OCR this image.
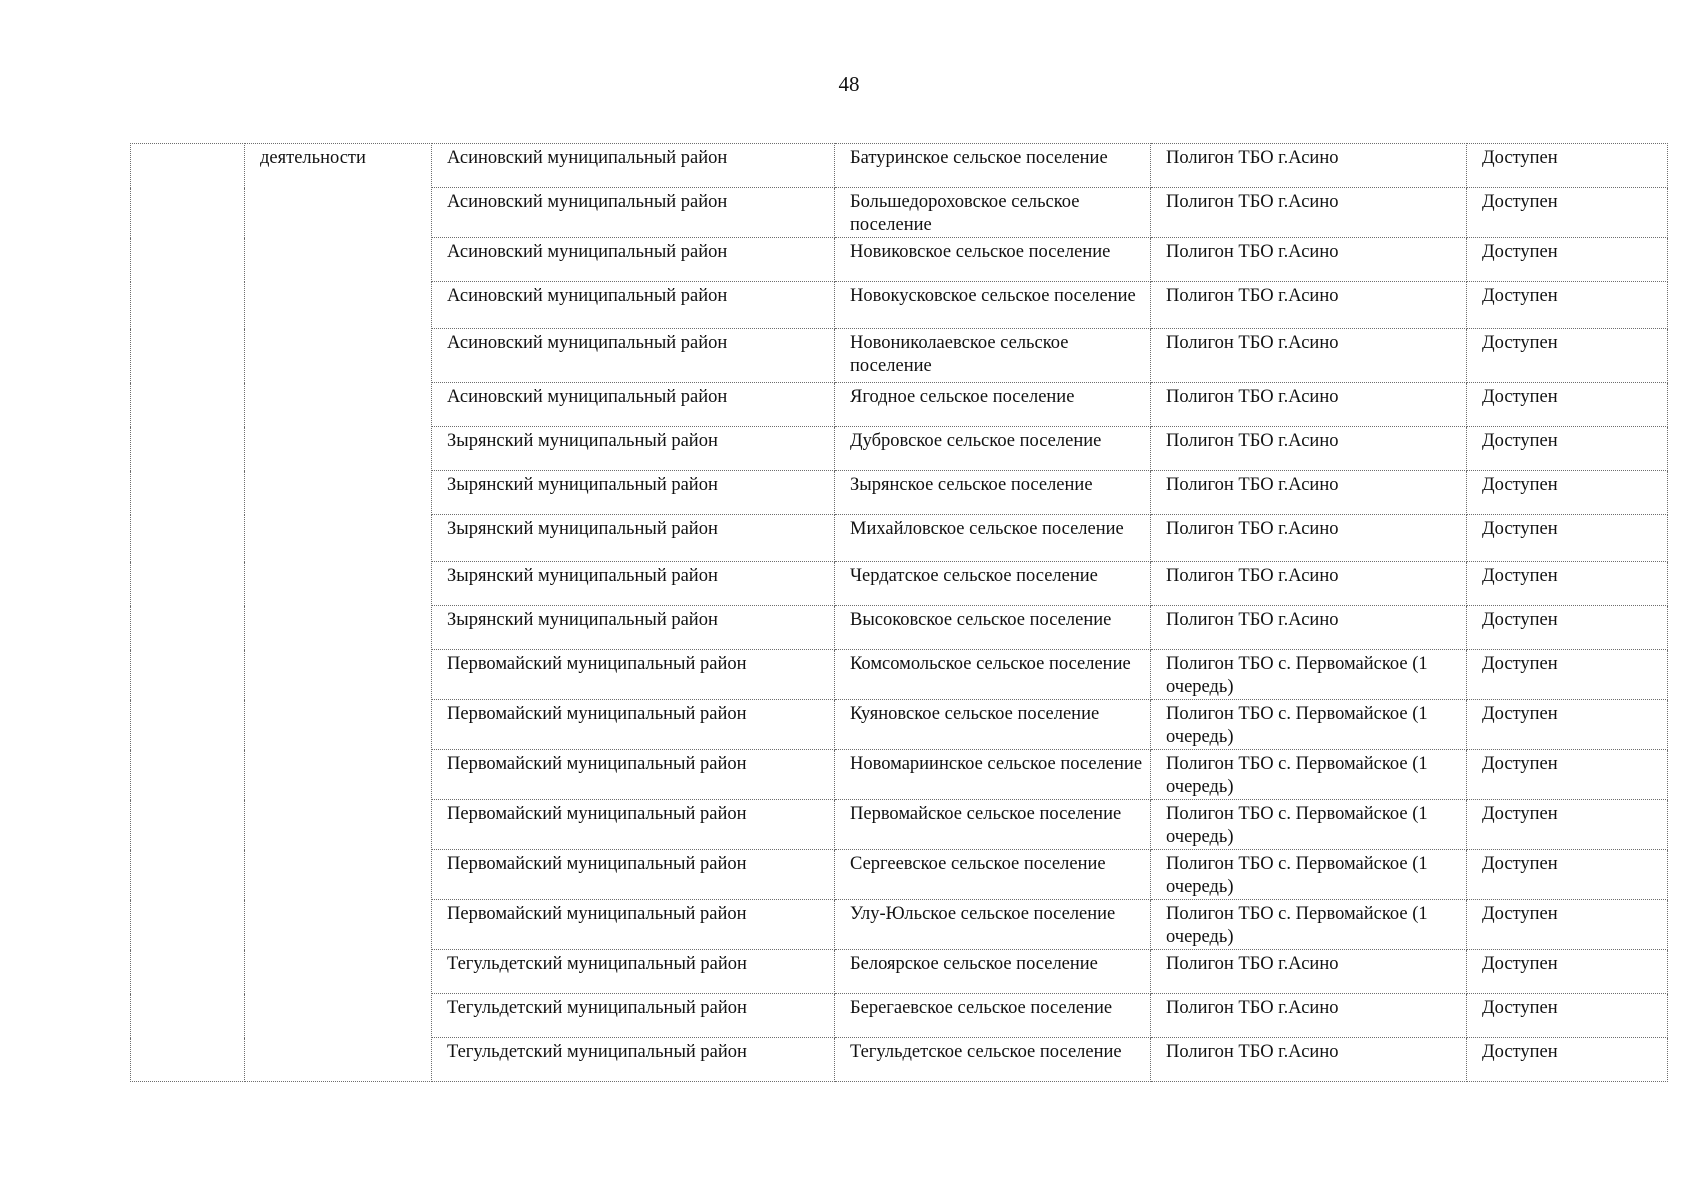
48
	деятельности	Асиновский муниципальный район	Батуринское сельское поселение	Полигон ТБО г.Асино	Доступен
		Асиновский муниципальный район	Большедороховское сельское поселение	Полигон ТБО г.Асино	Доступен
		Асиновский муниципальный район	Новиковское сельское поселение	Полигон ТБО г.Асино	Доступен
		Асиновский муниципальный район	Новокусковское сельское поселение	Полигон ТБО г.Асино	Доступен
		Асиновский муниципальный район	Новониколаевское сельское поселение	Полигон ТБО г.Асино	Доступен
		Асиновский муниципальный район	Ягодное сельское поселение	Полигон ТБО г.Асино	Доступен
		Зырянский муниципальный район	Дубровское сельское поселение	Полигон ТБО г.Асино	Доступен
		Зырянский муниципальный район	Зырянское сельское поселение	Полигон ТБО г.Асино	Доступен
		Зырянский муниципальный район	Михайловское сельское поселение	Полигон ТБО г.Асино	Доступен
		Зырянский муниципальный район	Чердатское сельское поселение	Полигон ТБО г.Асино	Доступен
		Зырянский муниципальный район	Высоковское сельское поселение	Полигон ТБО г.Асино	Доступен
		Первомайский муниципальный район	Комсомольское сельское поселение	Полигон ТБО с. Первомайское (1 очередь)	Доступен
		Первомайский муниципальный район	Куяновское сельское поселение	Полигон ТБО с. Первомайское (1 очередь)	Доступен
		Первомайский муниципальный район	Новомариинское сельское поселение	Полигон ТБО с. Первомайское (1 очередь)	Доступен
		Первомайский муниципальный район	Первомайское сельское поселение	Полигон ТБО с. Первомайское (1 очередь)	Доступен
		Первомайский муниципальный район	Сергеевское сельское поселение	Полигон ТБО с. Первомайское (1 очередь)	Доступен
		Первомайский муниципальный район	Улу-Юльское сельское поселение	Полигон ТБО с. Первомайское (1 очередь)	Доступен
		Тегульдетский муниципальный район	Белоярское сельское поселение	Полигон ТБО г.Асино	Доступен
		Тегульдетский муниципальный район	Берегаевское сельское поселение	Полигон ТБО г.Асино	Доступен
		Тегульдетский муниципальный район	Тегульдетское сельское поселение	Полигон ТБО г.Асино	Доступен
